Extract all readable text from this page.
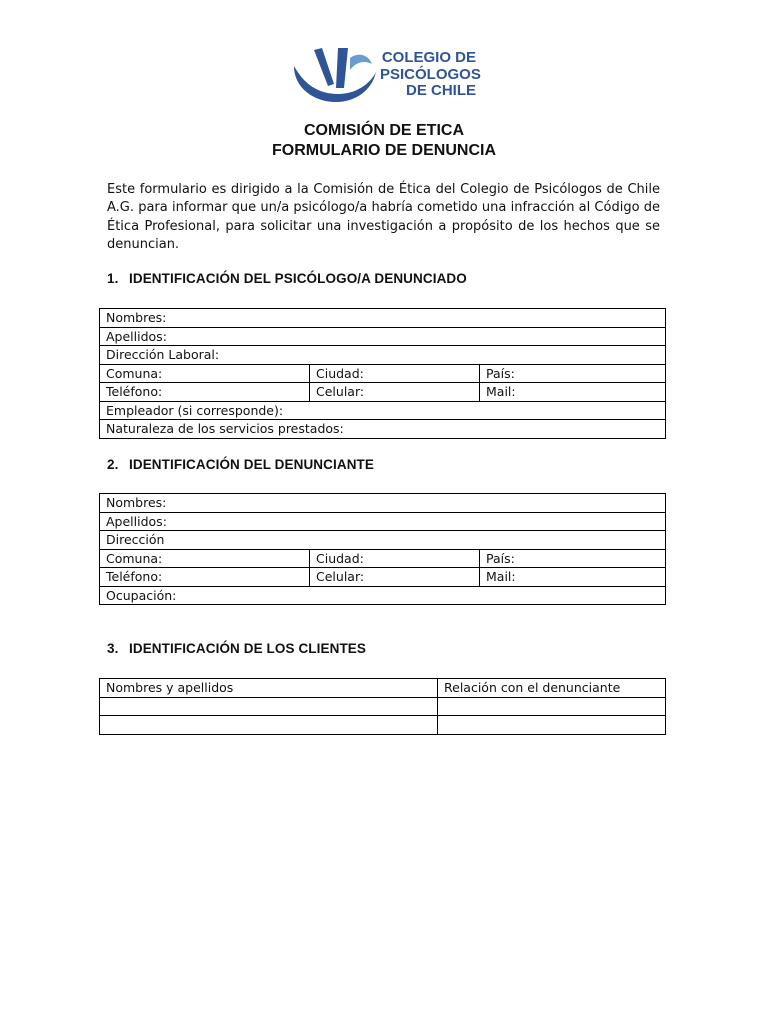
COLEGIO DE
PSICÓLOGOS
DE CHILE
COMISIÓN DE ETICA
FORMULARIO DE DENUNCIA
Este formulario es dirigido a la Comisión de Ética del Colegio de Psicólogos de Chile A.G. para informar que un/a psicólogo/a habría cometido una infracción al Código de Ética Profesional, para solicitar una investigación a propósito de los hechos que se denuncian.
1. IDENTIFICACIÓN DEL PSICÓLOGO/A DENUNCIADO
Nombres:		
Apellidos:		
Dirección Laboral:		
Comuna:	Ciudad:	País:
Teléfono:	Celular:	Mail:
Empleador (si corresponde):		
Naturaleza de los servicios prestados:		
2. IDENTIFICACIÓN DEL DENUNCIANTE
Nombres:		
Apellidos:		
Dirección		
Comuna:	Ciudad:	País:
Teléfono:	Celular:	Mail:
Ocupación:		
3. IDENTIFICACIÓN DE LOS CLIENTES
Nombres y apellidos	Relación con el denunciante
